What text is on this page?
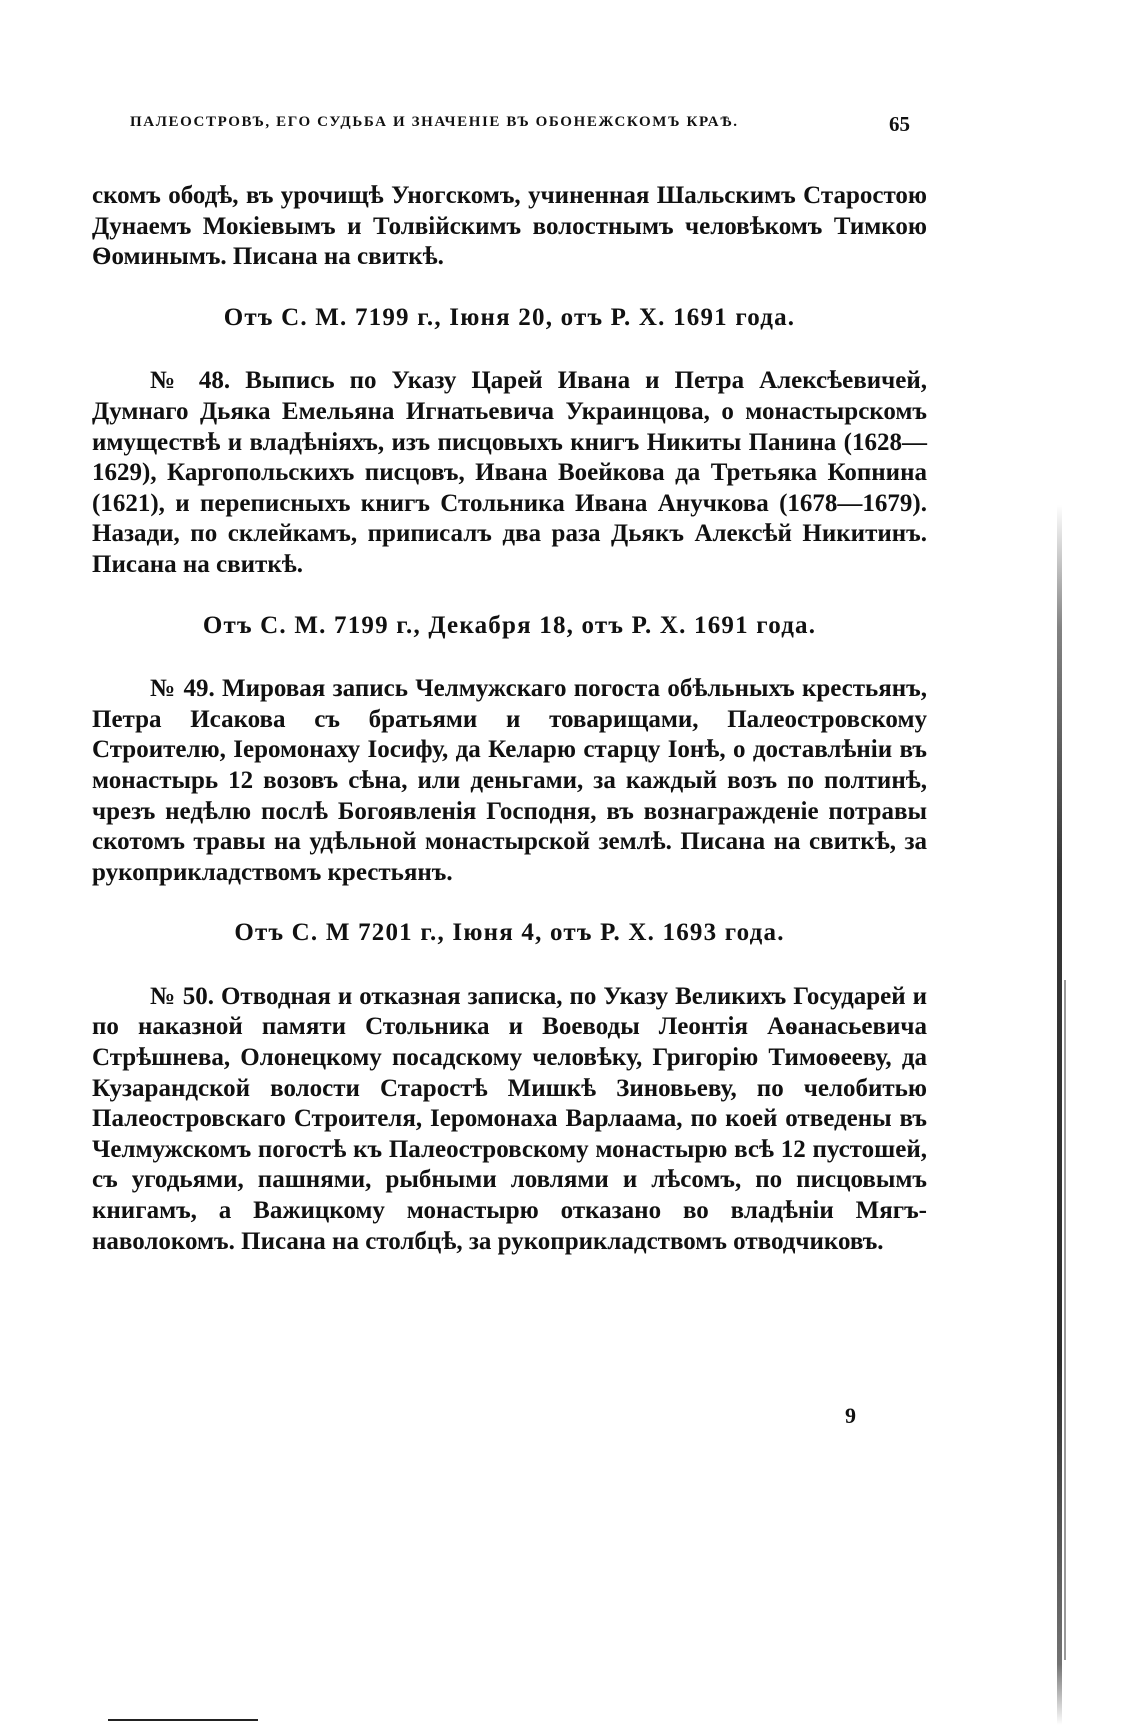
ПАЛЕОСТРОВЪ, ЕГО СУДЬБА И ЗНАЧЕНІЕ ВЪ ОБОНЕЖСКОМЪ КРАѢ.	65

скомъ ободѣ, въ урочищѣ Уногскомъ, учиненная Шальскимъ Старостою Дунаемъ Мокіевымъ и Толвійскимъ волостнымъ человѣкомъ Тимкою Ѳоминымъ. Писана на свиткѣ.

Отъ С. М. 7199 г., Іюня 20, отъ Р. Х. 1691 года.

№ 48. Выпись по Указу Царей Ивана и Петра Алексѣевичей, Думнаго Дьяка Емельяна Игнатьевича Украинцова, о монастырскомъ имуществѣ и владѣніяхъ, изъ писцовыхъ книгъ Никиты Панина (1628—1629), Каргопольскихъ писцовъ, Ивана Воейкова да Третьяка Копнина (1621), и переписныхъ книгъ Стольника Ивана Анучкова (1678—1679). Назади, по склейкамъ, приписалъ два раза Дьякъ Алексѣй Никитинъ. Писана на свиткѣ.

Отъ С. М. 7199 г., Декабря 18, отъ Р. Х. 1691 года.

№ 49. Мировая запись Челмужскаго погоста обѣльныхъ крестьянъ, Петра Исакова съ братьями и товарищами, Палеостровскому Строителю, Іеромонаху Іосифу, да Келарю старцу Іонѣ, о доставлѣніи въ монастырь 12 возовъ сѣна, или деньгами, за каждый возъ по полтинѣ, чрезъ недѣлю послѣ Богоявленія Господня, въ вознагражденіе потравы скотомъ травы на удѣльной монастырской землѣ. Писана на свиткѣ, за рукоприкладствомъ крестьянъ.

Отъ С. М 7201 г., Іюня 4, отъ Р. Х. 1693 года.

№ 50. Отводная и отказная записка, по Указу Великихъ Государей и по наказной памяти Стольника и Воеводы Леонтія Аѳанасьевича Стрѣшнева, Олонецкому посадскому человѣку, Григорію Тимоѳееву, да Кузарандской волости Старостѣ Мишкѣ Зиновьеву, по челобитью Палеостровскаго Строителя, Іеромонаха Варлаама, по коей отведены въ Челмужскомъ погостѣ къ Палеостровскому монастырю всѣ 12 пустошей, съ угодьями, пашнями, рыбными ловлями и лѣсомъ, по писцовымъ книгамъ, а Важицкому монастырю отказано во владѣніи Мягъ-наволокомъ. Писана на столбцѣ, за рукоприкладствомъ отводчиковъ.

9
